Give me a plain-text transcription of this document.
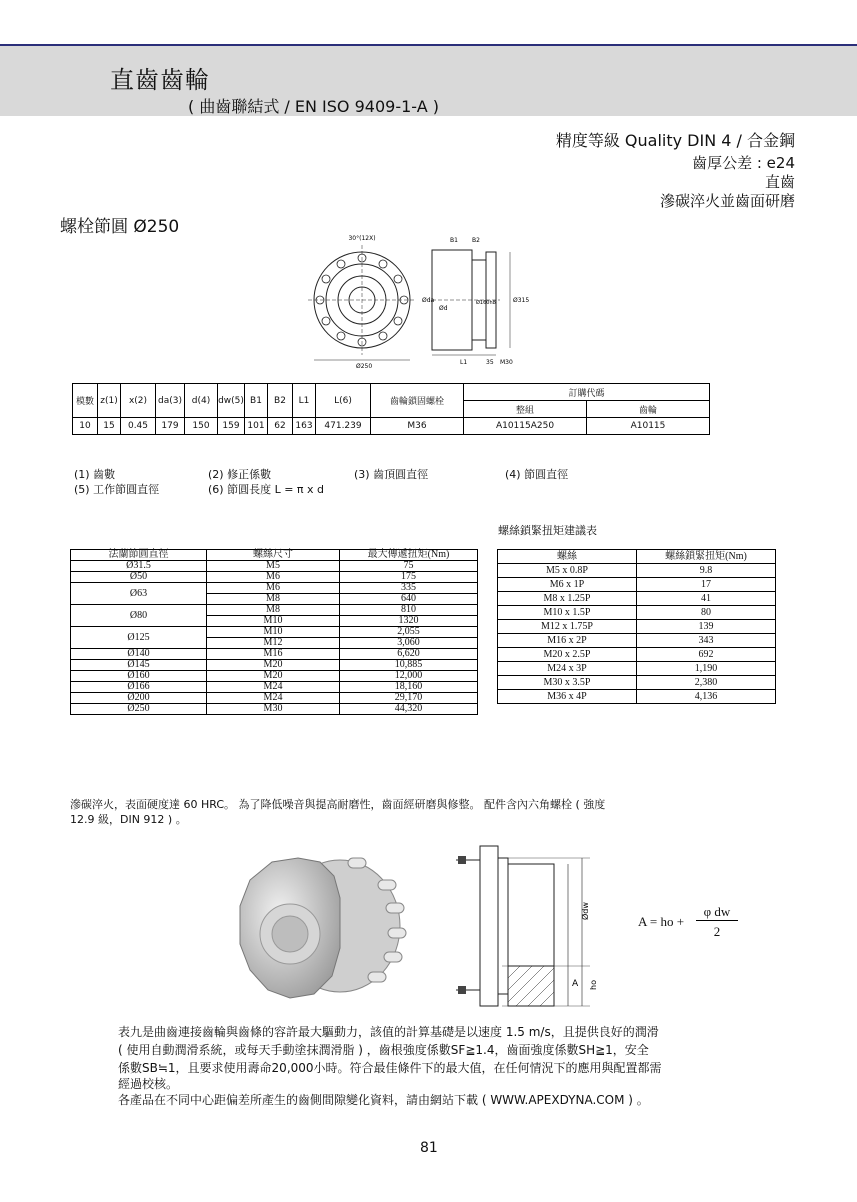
直齒齒輪
( 曲齒聯結式 / EN ISO 9409-1-A )
精度等級 Quality DIN 4 / 合金鋼
齒厚公差 : e24
直齒
滲碳淬火並齒面研磨
螺栓節圓 Ø250
30°(12X)
Ø250
B1 B2
L1	35 M30
Øda
Ød
Ø160h8	Ø315
模數	z(1)	x(2)	da(3)	d(4)	dw(5)	B1	B2	L1	L(6)	齒輪鎖固螺栓	訂購代碼	
											整組	齒輪
10	15	0.45	179	150	159	101	62	163	471.239	M36	A10115A250	A10115
(1) 齒數	(2) 修正係數	(3) 齒頂圓直徑	(4) 節圓直徑
(5) 工作節圓直徑	(6) 節圓長度 L = π x d
螺絲鎖緊扭矩建議表
法蘭節圓直徑	螺絲尺寸	最大傳遞扭矩(Nm)
Ø31.5	M5	75
Ø50	M6	175
Ø63	M6	335
	M8	640
Ø80	M8	810
	M10	1320
Ø125	M10	2,055
	M12	3,060
Ø140	M16	6,620
Ø145	M20	10,885
Ø160	M20	12,000
Ø166	M24	18,160
Ø200	M24	29,170
Ø250	M30	44,320
螺絲	螺絲鎖緊扭矩(Nm)
M5 x 0.8P	9.8
M6 x 1P	17
M8 x 1.25P	41
M10 x 1.5P	80
M12 x 1.75P	139
M16 x 2P	343
M20 x 2.5P	692
M24 x 3P	1,190
M30 x 3.5P	2,380
M36 x 4P	4,136
滲碳淬火，表面硬度達 60 HRC。 為了降低噪音與提高耐磨性，齒面經研磨與修整。 配件含內六角螺栓 ( 強度
12.9 級，DIN 912 ) 。
Ødw
A ho
A = ho +
φ dw
2
表九是曲齒連接齒輪與齒條的容許最大驅動力，該值的計算基礎是以速度 1.5 m/s，且提供良好的潤滑
( 使用自動潤滑系統，或每天手動塗抹潤滑脂 ) ，齒根強度係數SF≧1.4，齒面強度係數SH≧1，安全
係數SB≒1，且要求使用壽命20,000小時。符合最佳條件下的最大值，在任何情況下的應用與配置都需
經過校核。
各產品在不同中心距偏差所產生的齒側間隙變化資料，請由網站下載 ( WWW.APEXDYNA.COM ) 。
81
